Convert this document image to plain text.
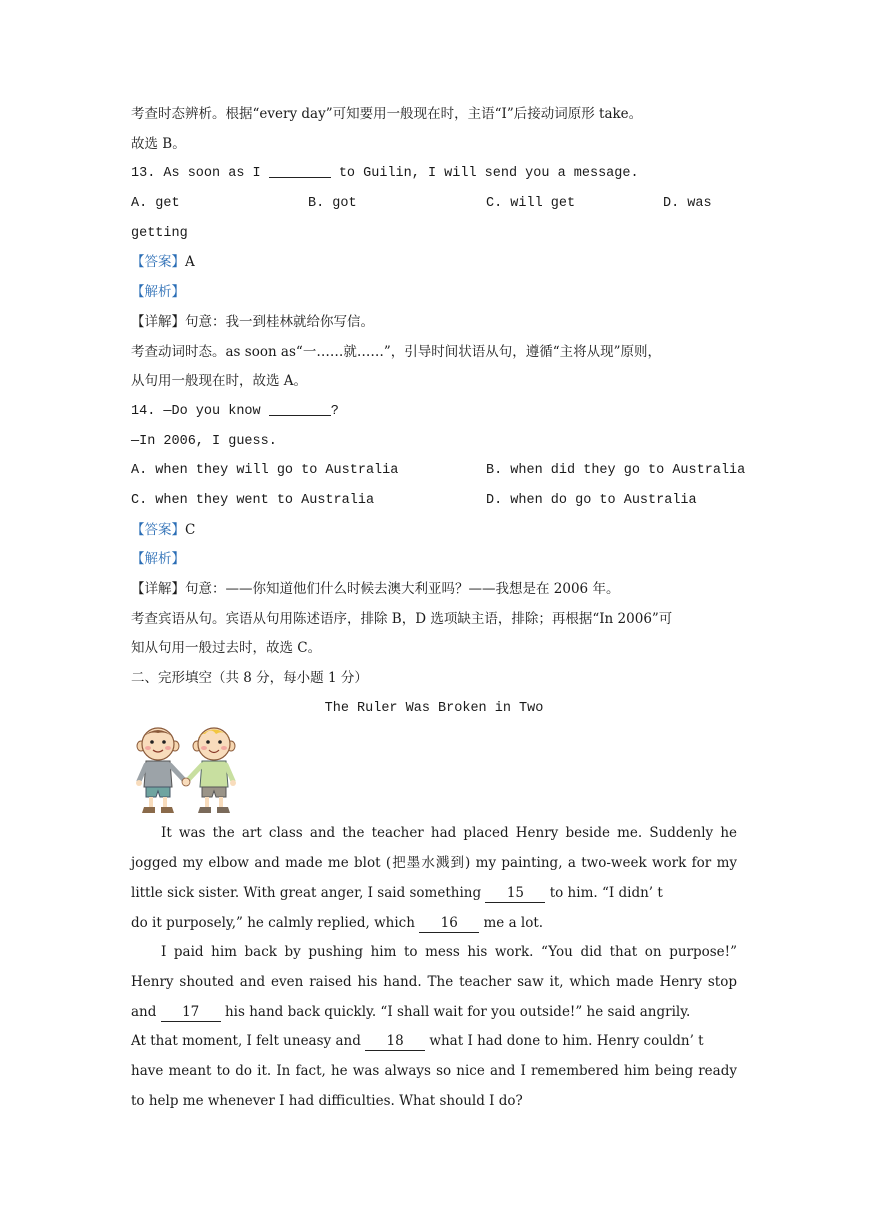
考查时态辨析。根据“every day”可知要用一般现在时，主语“I”后接动词原形 take。
故选 B。
13. As soon as I	to Guilin, I will send you a message.
A. get	B. got	C. will get	D. was
getting
【答案】A
【解析】
【详解】句意：我一到桂林就给你写信。
考查动词时态。as soon as“一……就……”，引导时间状语从句，遵循“主将从现”原则，
从句用一般现在时，故选 A。
14. —Do you know	?
—In 2006, I guess.
A. when they will go to Australia	B. when did they go to Australia
C. when they went to Australia	D. when do go to Australia
【答案】C
【解析】
【详解】句意：——你知道他们什么时候去澳大利亚吗？——我想是在 2006 年。
考查宾语从句。宾语从句用陈述语序，排除 B，D 选项缺主语，排除；再根据“In 2006”可
知从句用一般过去时，故选 C。
二、完形填空（共 8 分，每小题 1 分）
The Ruler Was Broken in Two
It was the art class and the teacher had placed Henry beside me. Suddenly he
jogged my elbow and made me blot (把墨水溅到) my painting, a two-week work for my
little sick sister. With great anger, I said something 15 to him. “I didn’ t
do it purposely,” he calmly replied, which 16 me a lot.
I paid him back by pushing him to mess his work. “You did that on purpose!”
Henry shouted and even raised his hand. The teacher saw it, which made Henry stop
and 17 his hand back quickly. “I shall wait for you outside!” he said angrily.
At that moment, I felt uneasy and 18 what I had done to him. Henry couldn’ t
have meant to do it. In fact, he was always so nice and I remembered him being ready
to help me whenever I had difficulties. What should I do?
